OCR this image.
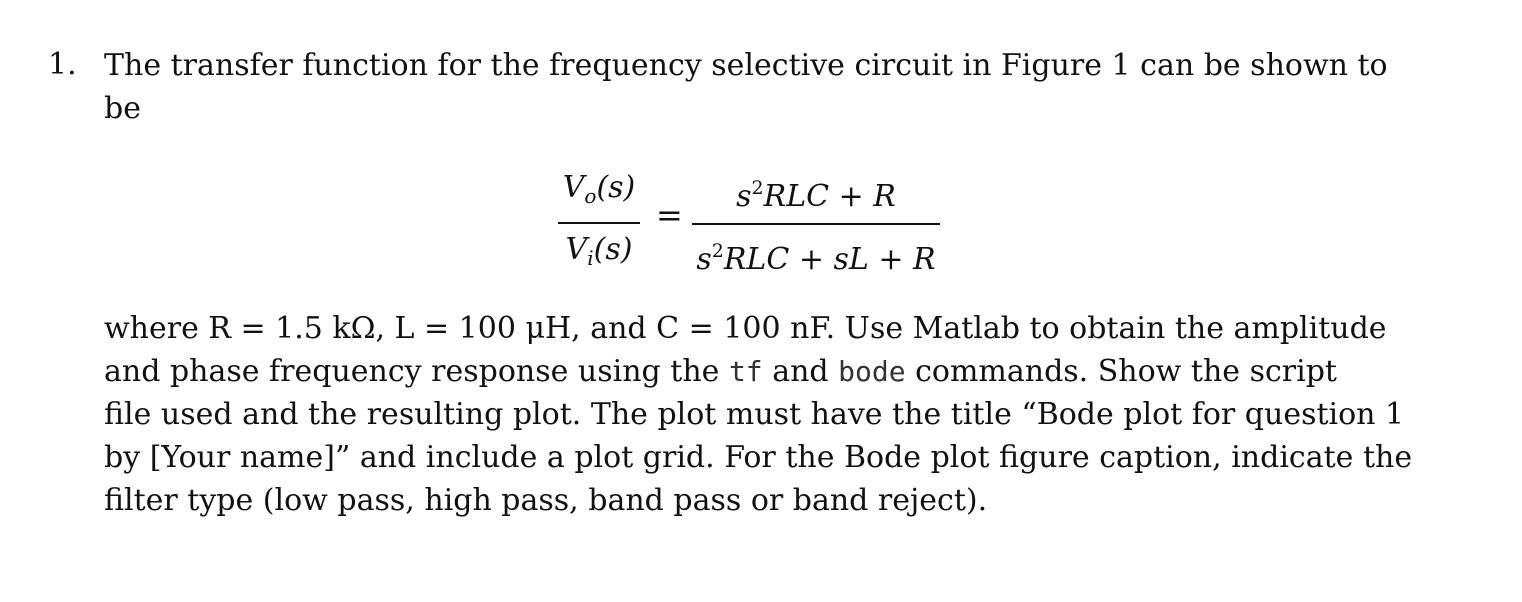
1. The transfer function for the frequency selective circuit in Figure 1 can be shown to
be

$V_o(s)$
$V_i(s)$
=	$s^2RLC + R$
$s^2RLC$ + sL + R

where R = 1.5 kΩ, L = 100 μH, and C = 100 nF. Use Matlab to obtain the amplitude
and phase frequency response using the tf and bode commands. Show the script
file used and the resulting plot. The plot must have the title “Bode plot for question 1
by [Your name]” and include a plot grid. For the Bode plot figure caption, indicate the
filter type (low pass, high pass, band pass or band reject).
